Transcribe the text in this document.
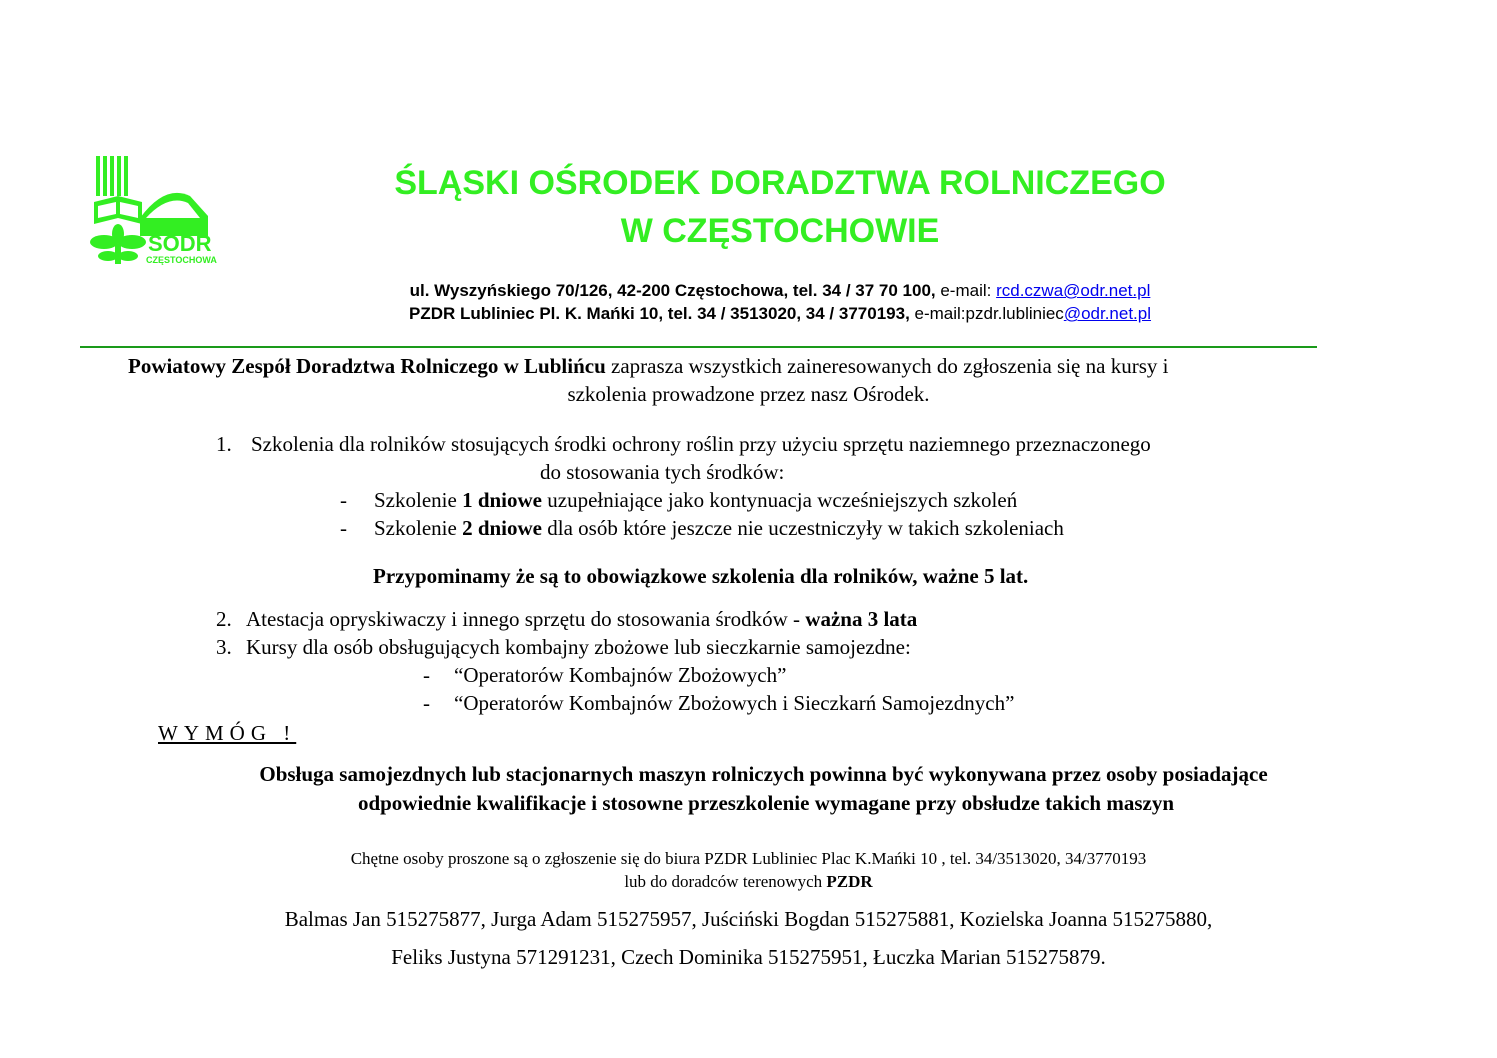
ŚODR
CZĘSTOCHOWA
ŚLĄSKI OŚRODEK DORADZTWA ROLNICZEGO
W CZĘSTOCHOWIE
ul. Wyszyńskiego 70/126, 42-200 Częstochowa, tel. 34 / 37 70 100, e-mail: rcd.czwa@odr.net.pl
PZDR Lubliniec Pl. K. Mańki 10, tel. 34 / 3513020, 34 / 3770193, e-mail:pzdr.lubliniec@odr.net.pl
Powiatowy Zespół Doradztwa Rolniczego w Lublińcu zaprasza wszystkich zaineresowanych do zgłoszenia się na kursy i
szkolenia prowadzone przez nasz Ośrodek.
1. Szkolenia dla rolników stosujących środki ochrony roślin przy użyciu sprzętu naziemnego przeznaczonego
do stosowania tych środków:
- Szkolenie 1 dniowe uzupełniające jako kontynuacja wcześniejszych szkoleń
- Szkolenie 2 dniowe dla osób które jeszcze nie uczestniczyły w takich szkoleniach
Przypominamy że są to obowiązkowe szkolenia dla rolników, ważne 5 lat.
2. Atestacja opryskiwaczy i innego sprzętu do stosowania środków - ważna 3 lata
3. Kursy dla osób obsługujących kombajny zbożowe lub sieczkarnie samojezdne:
- “Operatorów Kombajnów Zbożowych”
- “Operatorów Kombajnów Zbożowych i Sieczkarń Samojezdnych”
WYMÓG !
Obsługa samojezdnych lub stacjonarnych maszyn rolniczych powinna być wykonywana przez osoby posiadające
odpowiednie kwalifikacje i stosowne przeszkolenie wymagane przy obsłudze takich maszyn
Chętne osoby proszone są o zgłoszenie się do biura PZDR Lubliniec Plac K.Mańki 10 , tel. 34/3513020, 34/3770193
lub do doradców terenowych PZDR
Balmas Jan 515275877, Jurga Adam 515275957, Juściński Bogdan 515275881, Kozielska Joanna 515275880,
Feliks Justyna 571291231, Czech Dominika 515275951, Łuczka Marian 515275879.
